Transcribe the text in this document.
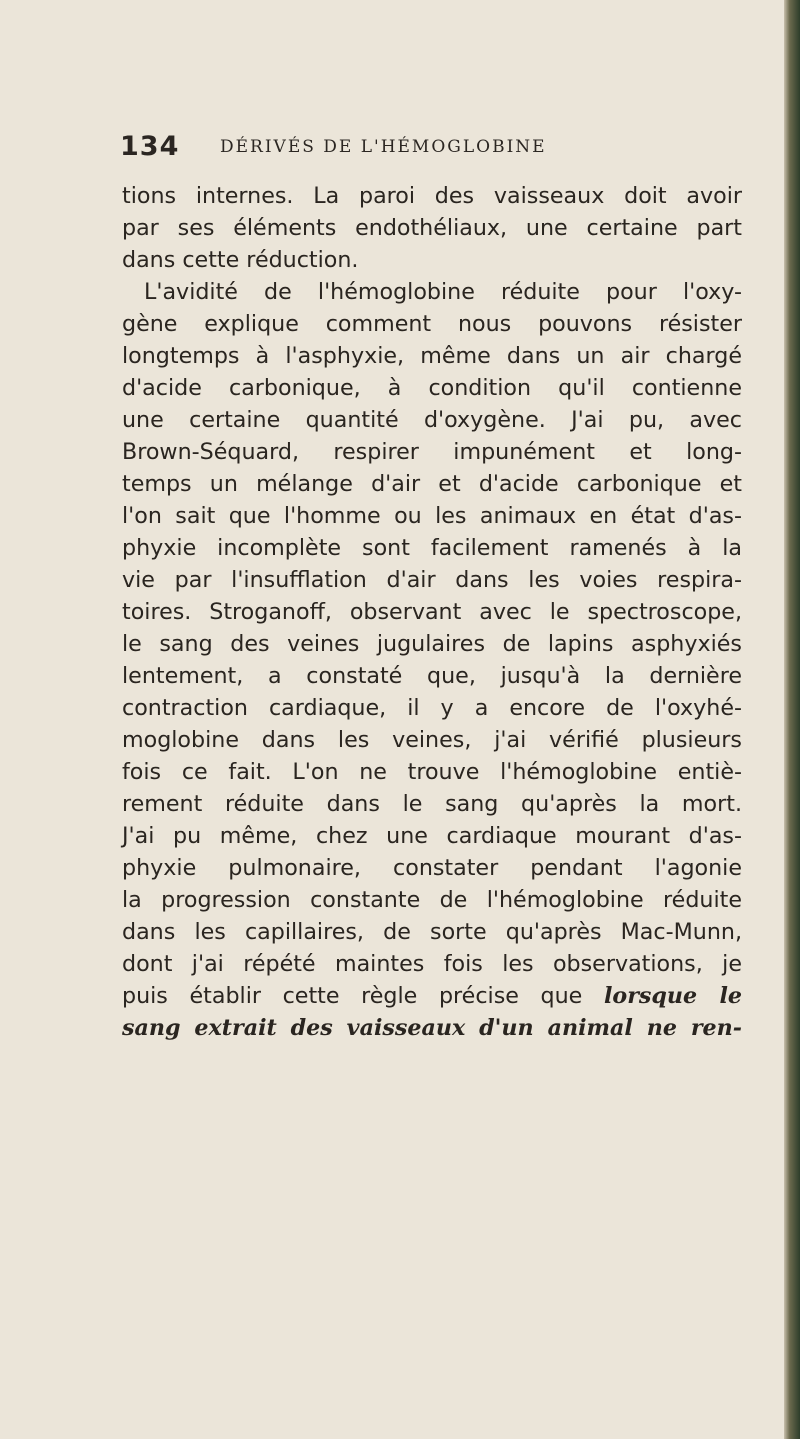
134 DÉRIVÉS DE L'HÉMOGLOBINE
tions internes. La paroi des vaisseaux doit avoir
par ses éléments endothéliaux, une certaine part
dans cette réduction.
L'avidité de l'hémoglobine réduite pour l'oxy-
gène explique comment nous pouvons résister
longtemps à l'asphyxie, même dans un air chargé
d'acide carbonique, à condition qu'il contienne
une certaine quantité d'oxygène. J'ai pu, avec
Brown-Séquard, respirer impunément et long-
temps un mélange d'air et d'acide carbonique et
l'on sait que l'homme ou les animaux en état d'as-
phyxie incomplète sont facilement ramenés à la
vie par l'insufflation d'air dans les voies respira-
toires. Stroganoff, observant avec le spectroscope,
le sang des veines jugulaires de lapins asphyxiés
lentement, a constaté que, jusqu'à la dernière
contraction cardiaque, il y a encore de l'oxyhé-
moglobine dans les veines, j'ai vérifié plusieurs
fois ce fait. L'on ne trouve l'hémoglobine entiè-
rement réduite dans le sang qu'après la mort.
J'ai pu même, chez une cardiaque mourant d'as-
phyxie pulmonaire, constater pendant l'agonie
la progression constante de l'hémoglobine réduite
dans les capillaires, de sorte qu'après Mac-Munn,
dont j'ai répété maintes fois les observations, je
puis établir cette règle précise que lorsque le
sang extrait des vaisseaux d'un animal ne ren-
